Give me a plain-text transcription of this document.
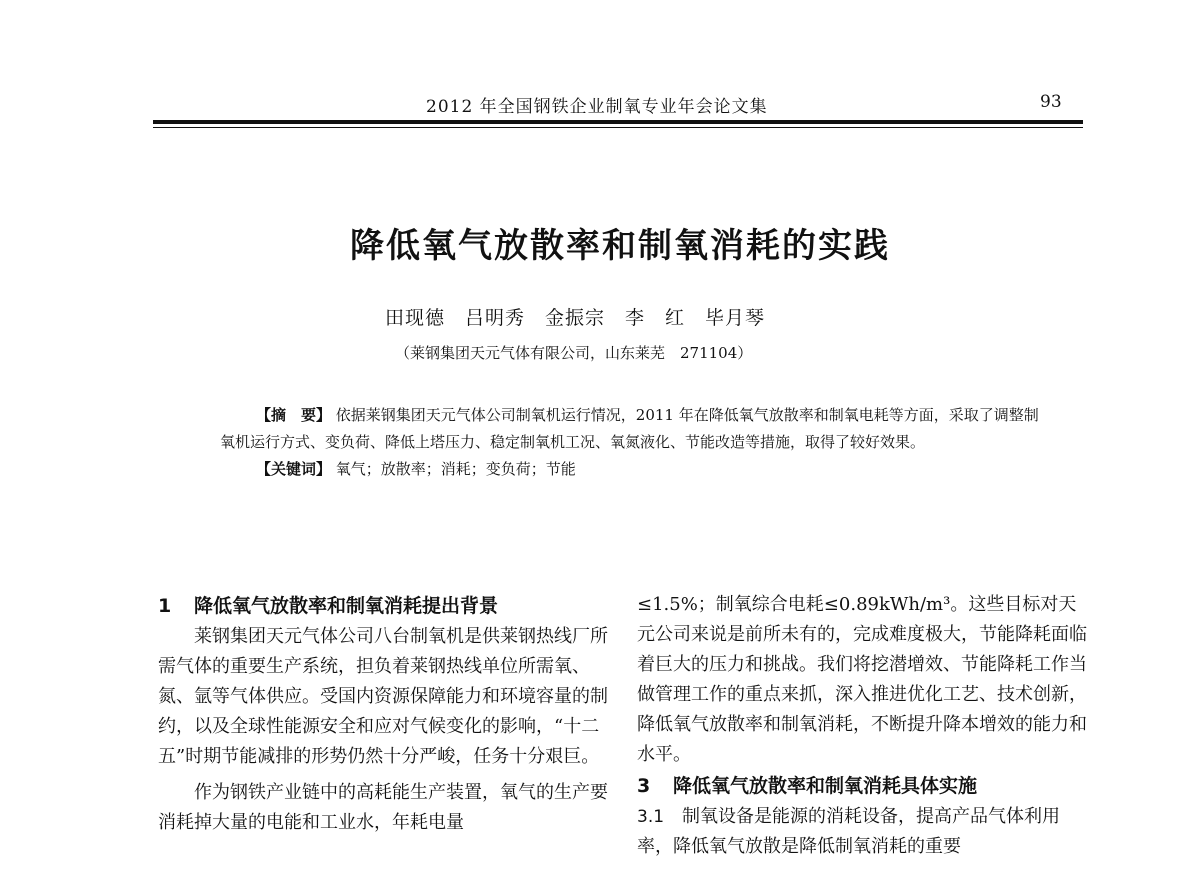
2012 年全国钢铁企业制氧专业年会论文集	93
降低氧气放散率和制氧消耗的实践
田现德　吕明秀　金振宗　李　红　毕月琴
（莱钢集团天元气体有限公司，山东莱芜　271104）

【摘　要】 依据莱钢集团天元气体公司制氧机运行情况，2011 年在降低氧气放散率和制氧电耗等方面，采取了调整制氧机运行方式、变负荷、降低上塔压力、稳定制氧机工况、氧氮液化、节能改造等措施，取得了较好效果。

【关键词】 氧气；放散率；消耗；变负荷；节能

1 降低氧气放散率和制氧消耗提出背景

莱钢集团天元气体公司八台制氧机是供莱钢热线厂所需气体的重要生产系统，担负着莱钢热线单位所需氧、氮、氩等气体供应。受国内资源保障能力和环境容量的制约，以及全球性能源安全和应对气候变化的影响，“十二五”时期节能减排的形势仍然十分严峻，任务十分艰巨。

作为钢铁产业链中的高耗能生产装置，氧气的生产要消耗掉大量的电能和工业水，年耗电量

≤1.5%；制氧综合电耗≤0.89kWh/m³。这些目标对天元公司来说是前所未有的，完成难度极大，节能降耗面临着巨大的压力和挑战。我们将挖潜增效、节能降耗工作当做管理工作的重点来抓，深入推进优化工艺、技术创新，降低氧气放散率和制氧消耗，不断提升降本增效的能力和水平。

3 降低氧气放散率和制氧消耗具体实施

3.1  制氧设备是能源的消耗设备，提高产品气体利用率，降低氧气放散是降低制氧消耗的重要
